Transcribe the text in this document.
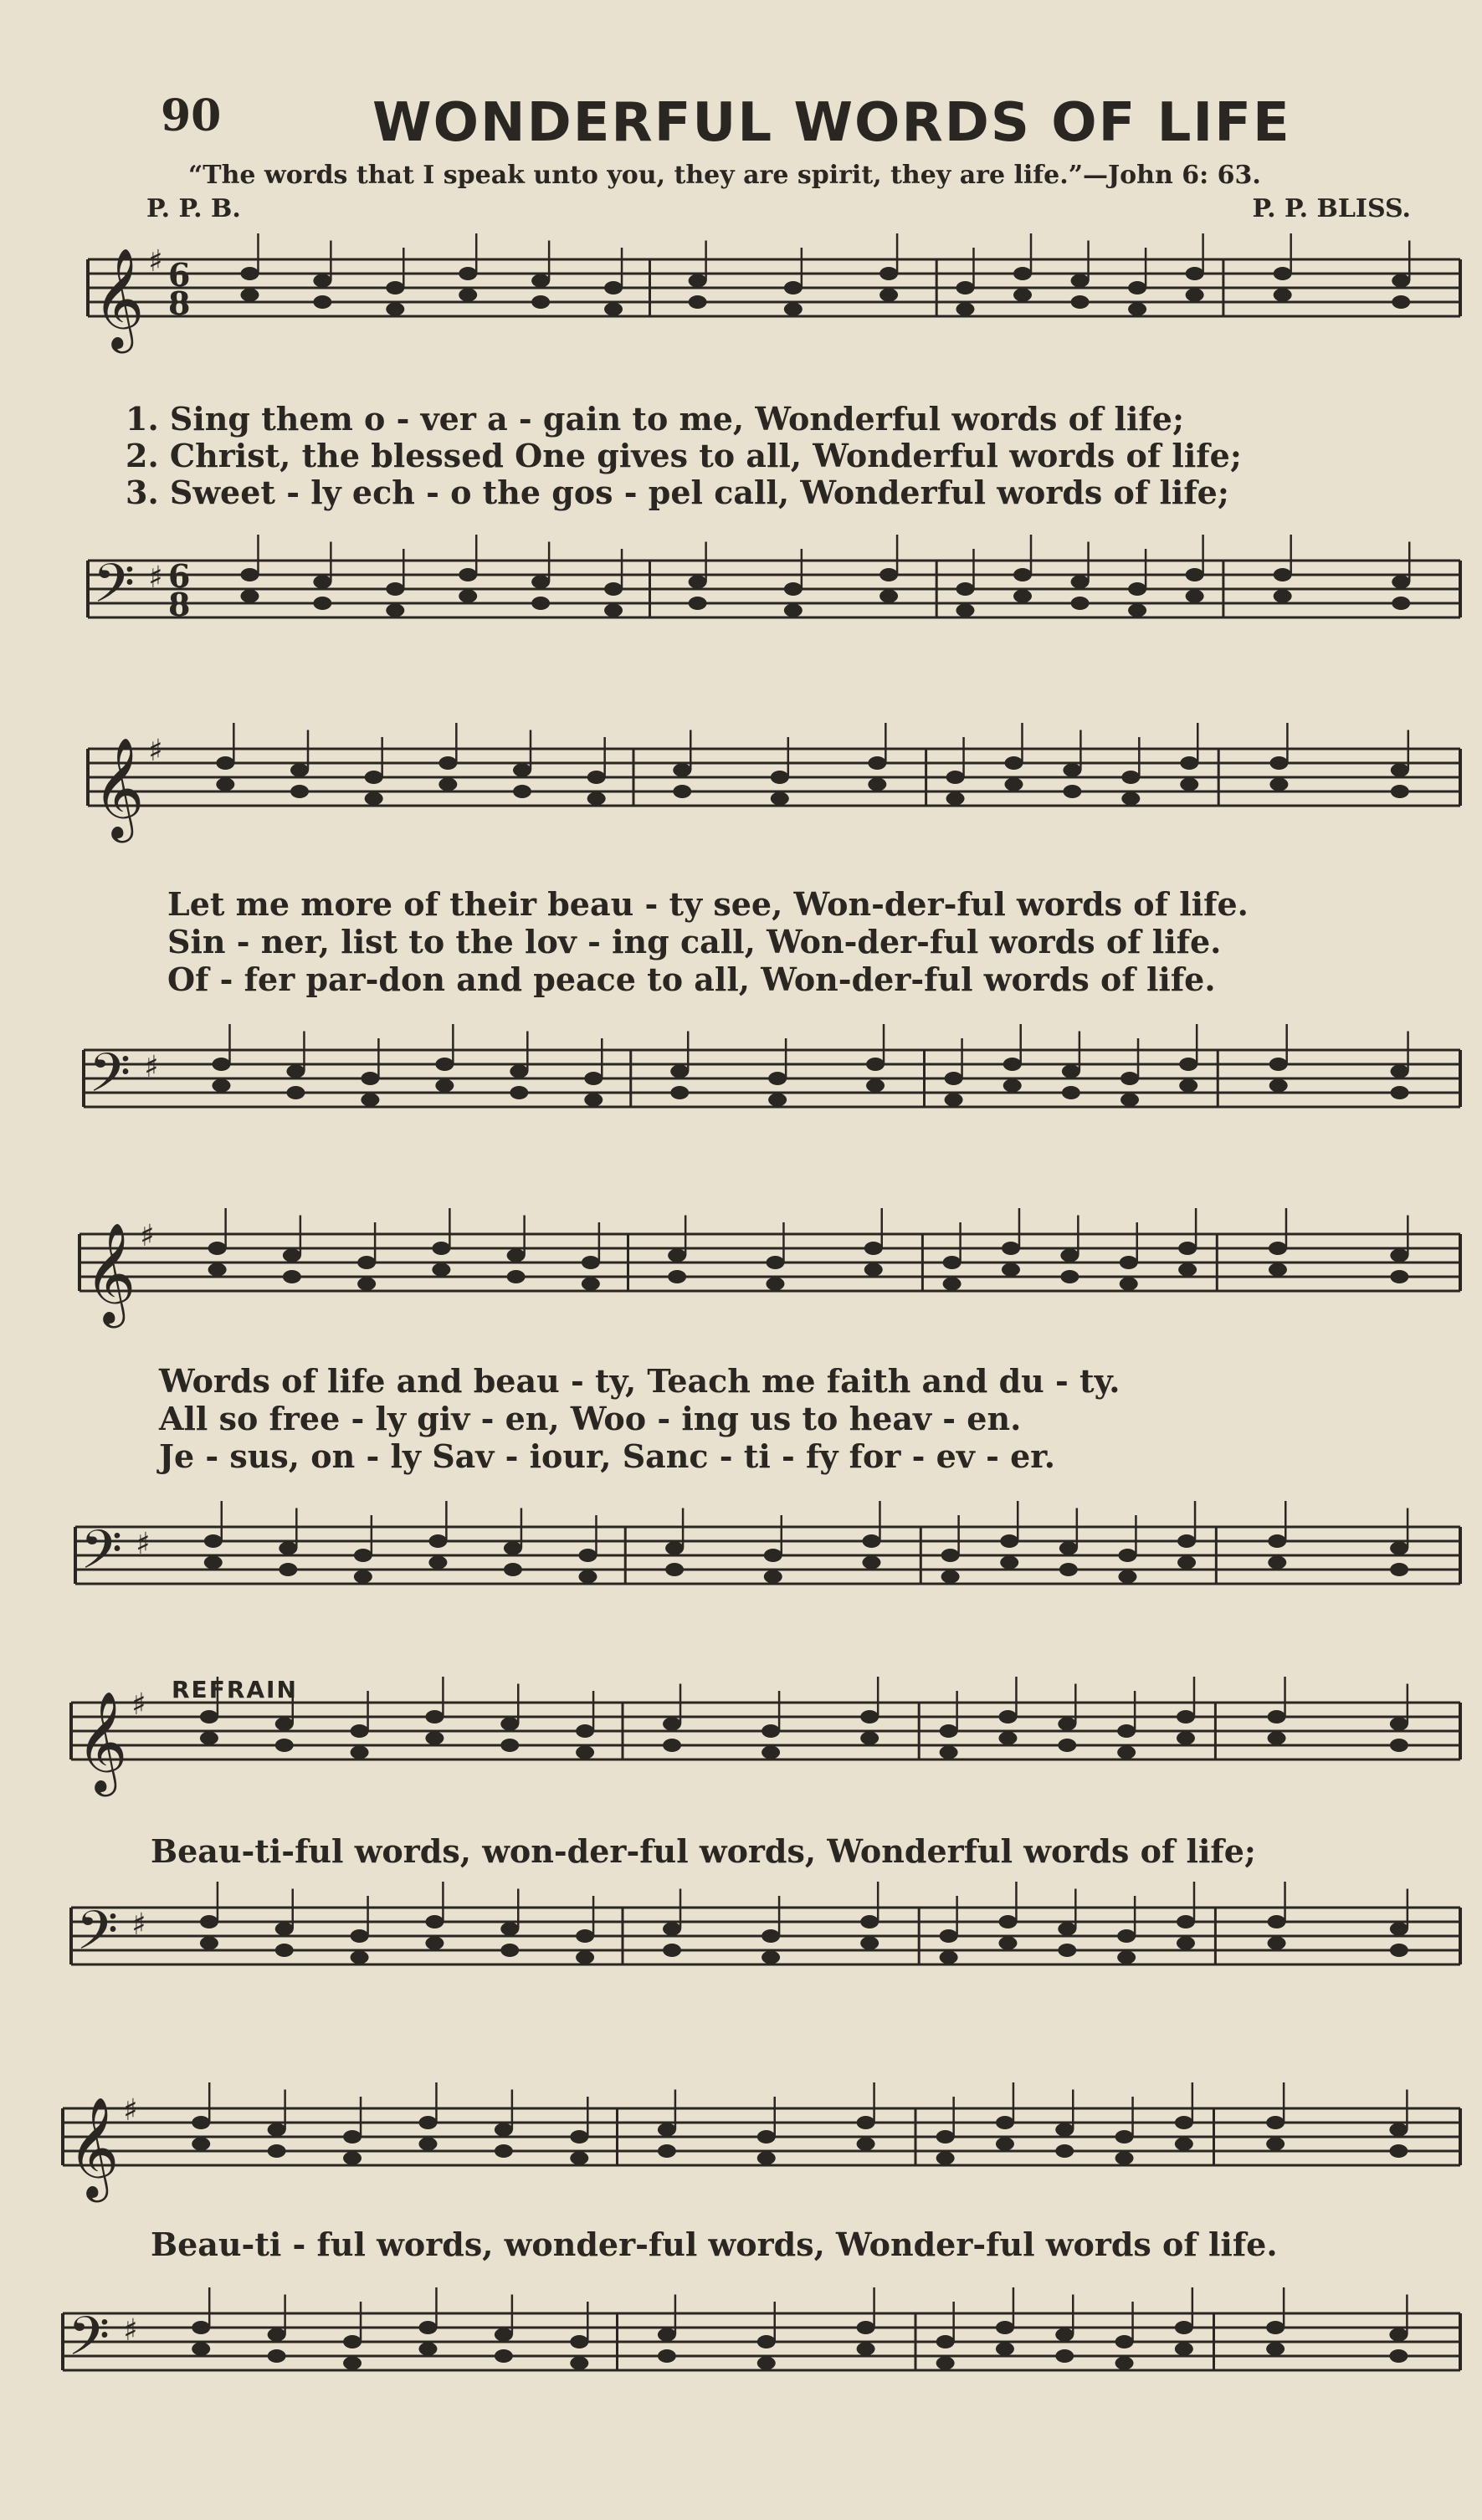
90	WONDERFUL WORDS OF LIFE
“The words that I speak unto you, they are spirit, they are life.”—John 6: 63.
P. P. B.	P. P. BLISS.
𝄞 ♯ 6
8
𝄢 ♯ 6
8
1. Sing them o - ver a - gain to me, Wonderful words of life;
2. Christ, the blessed One gives to all, Wonderful words of life;
3. Sweet - ly ech - o the gos - pel call, Wonderful words of life;
𝄞 ♯
𝄢 ♯
Let me more of their beau - ty see, Won-der-ful words of life.
Sin - ner, list to the lov - ing call, Won-der-ful words of life.
Of - fer par-don and peace to all, Won-der-ful words of life.
𝄞 ♯
𝄢 ♯
Words of life and beau - ty, Teach me faith and du - ty.
All so free - ly giv - en, Woo - ing us to heav - en.
Je - sus, on - ly Sav - iour, Sanc - ti - fy for - ev - er.
REFRAIN
𝄞 ♯
𝄢 ♯
Beau-ti-ful words, won-der-ful words, Wonderful words of life;
𝄞 ♯
𝄢 ♯
Beau-ti - ful words, wonder-ful words, Wonder-ful words of life.
